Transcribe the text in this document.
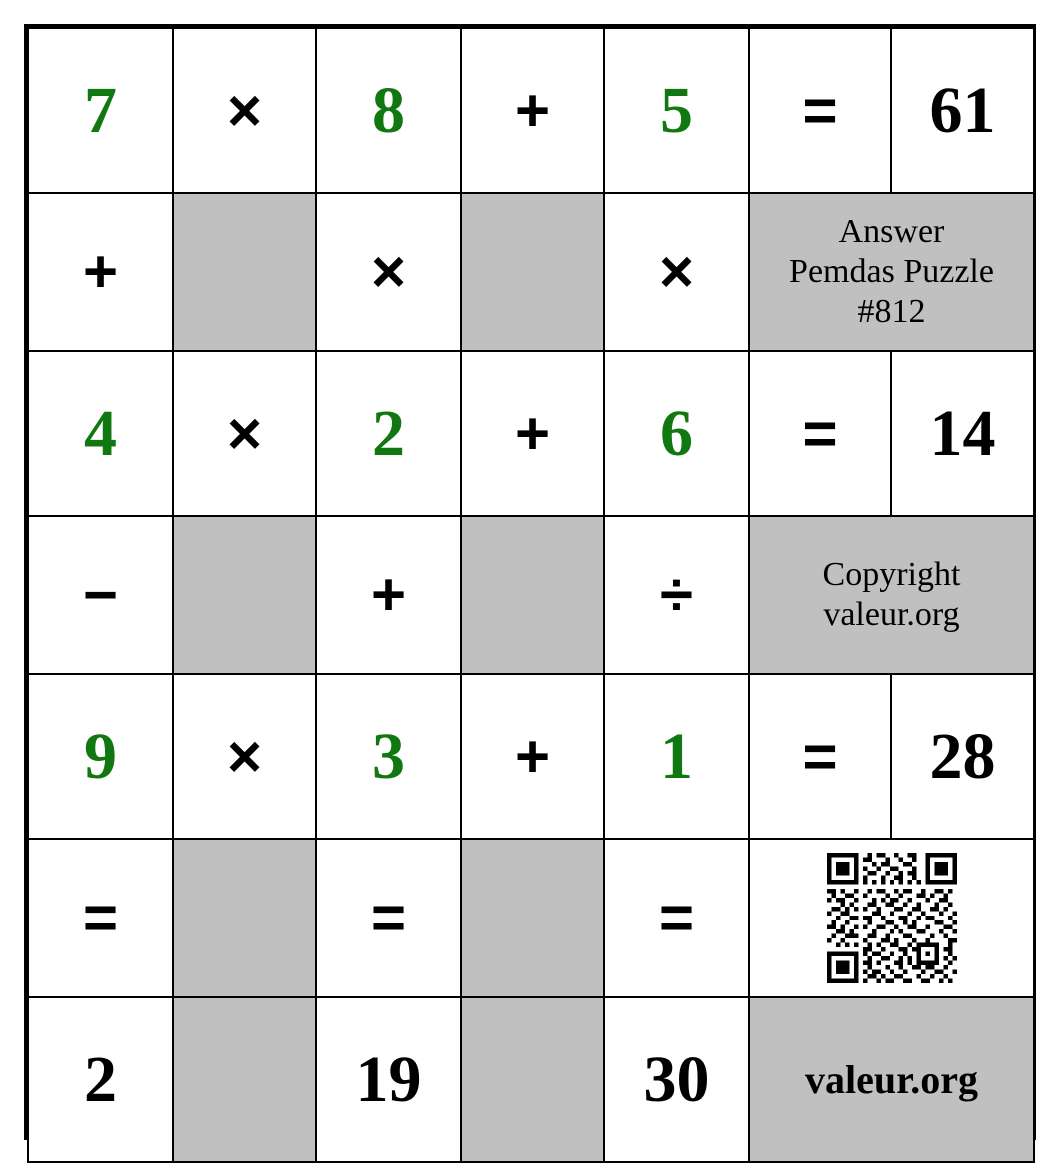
7	×	8	+	5	=	61
+		×		×	Answer
Pemdas Puzzle
#812	

4	×	2	+	6	=	14
−		+		÷	Copyright
valeur.org	

9	×	3	+	1	=	28
=		=		=	

2		19		30	valeur.org	
